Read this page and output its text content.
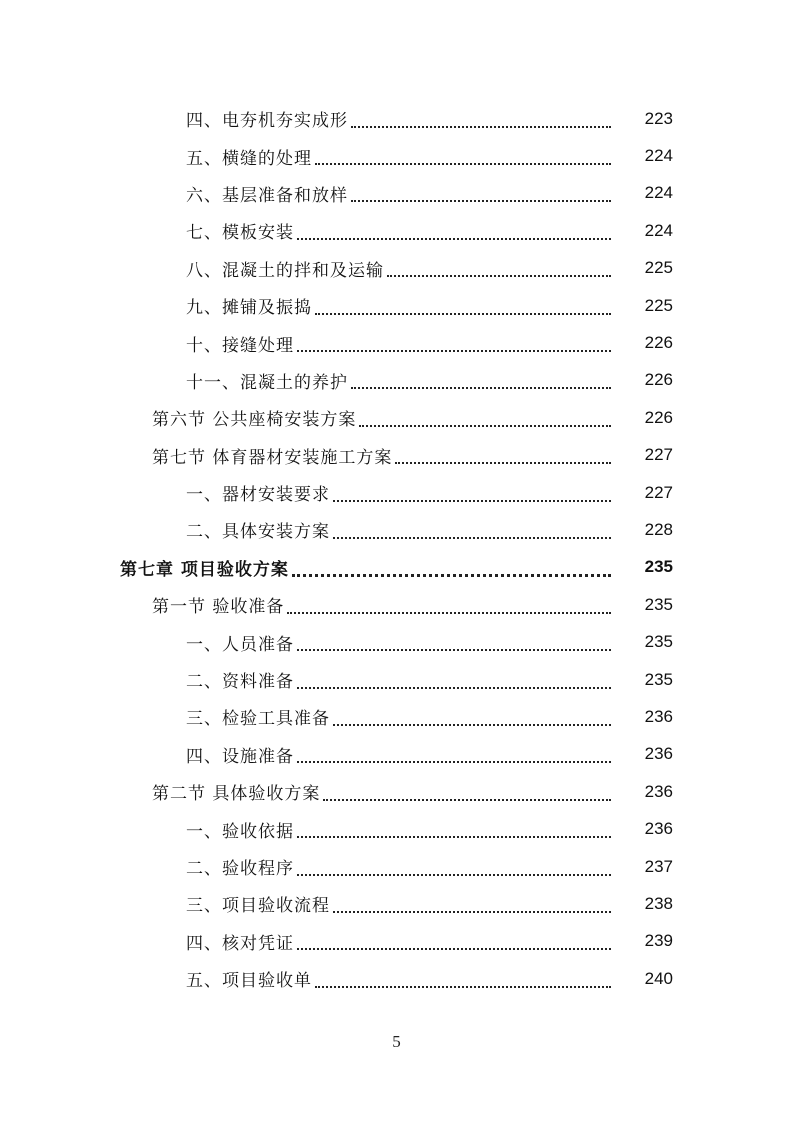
四、电夯机夯实成形	223
五、横缝的处理	224
六、基层准备和放样	224
七、模板安装	224
八、混凝土的拌和及运输	225
九、摊铺及振捣	225
十、接缝处理	226
十一、混凝土的养护	226
第六节 公共座椅安装方案	226
第七节 体育器材安装施工方案	227
一、器材安装要求	227
二、具体安装方案	228
第七章 项目验收方案	235
第一节 验收准备	235
一、人员准备	235
二、资料准备	235
三、检验工具准备	236
四、设施准备	236
第二节 具体验收方案	236
一、验收依据	236
二、验收程序	237
三、项目验收流程	238
四、核对凭证	239
五、项目验收单	240
5
